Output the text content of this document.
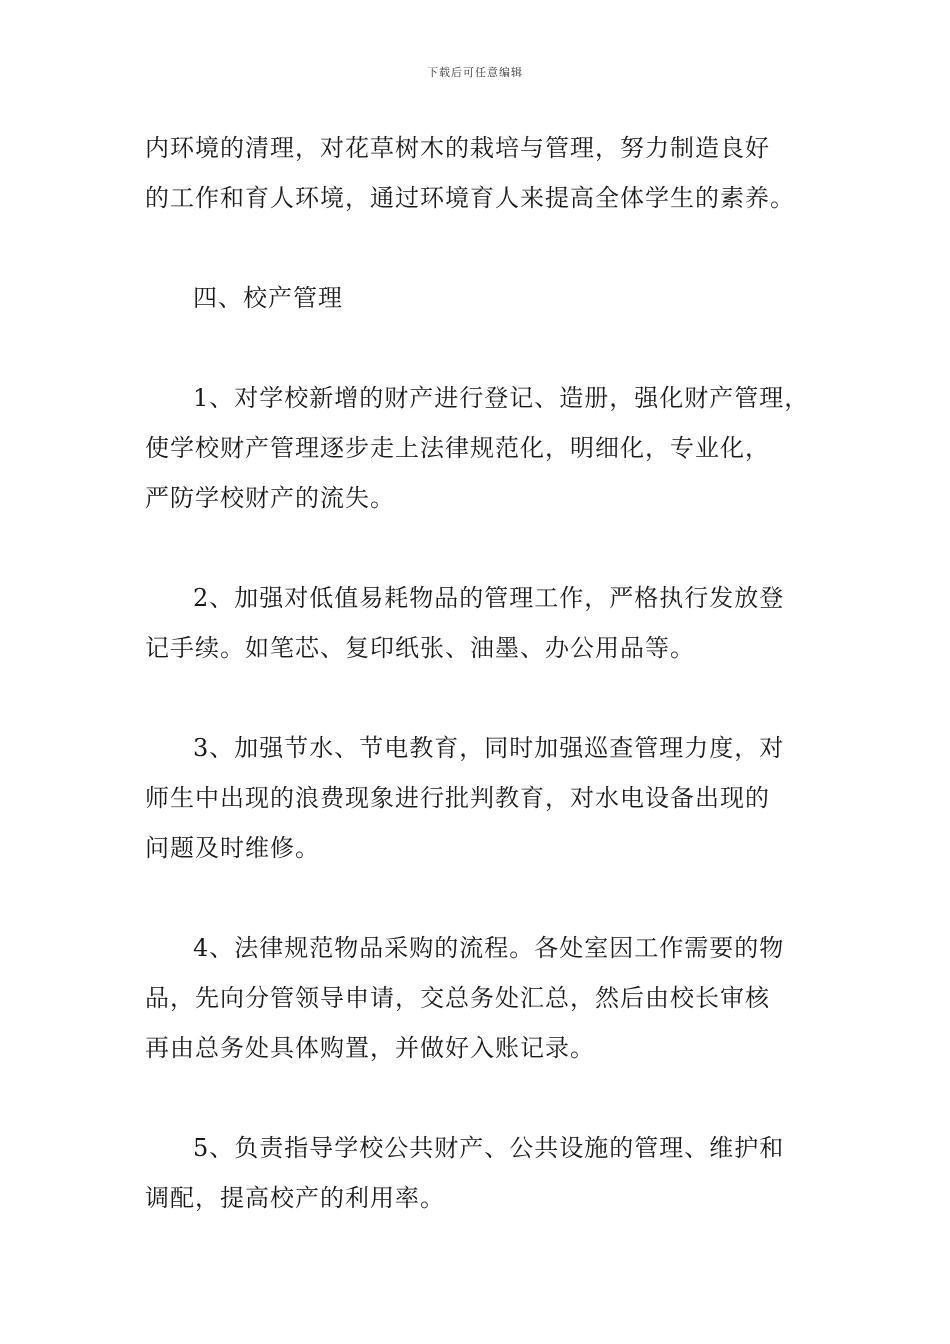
下载后可任意编辑
内环境的清理，对花草树木的栽培与管理，努力制造良好
的工作和育人环境，通过环境育人来提高全体学生的素养。
四、校产管理
1、对学校新增的财产进行登记、造册，强化财产管理，
使学校财产管理逐步走上法律规范化，明细化，专业化，
严防学校财产的流失。
2、加强对低值易耗物品的管理工作，严格执行发放登
记手续。如笔芯、复印纸张、油墨、办公用品等。
3、加强节水、节电教育，同时加强巡查管理力度，对
师生中出现的浪费现象进行批判教育，对水电设备出现的
问题及时维修。
4、法律规范物品采购的流程。各处室因工作需要的物
品，先向分管领导申请，交总务处汇总，然后由校长审核
再由总务处具体购置，并做好入账记录。
5、负责指导学校公共财产、公共设施的管理、维护和
调配，提高校产的利用率。
